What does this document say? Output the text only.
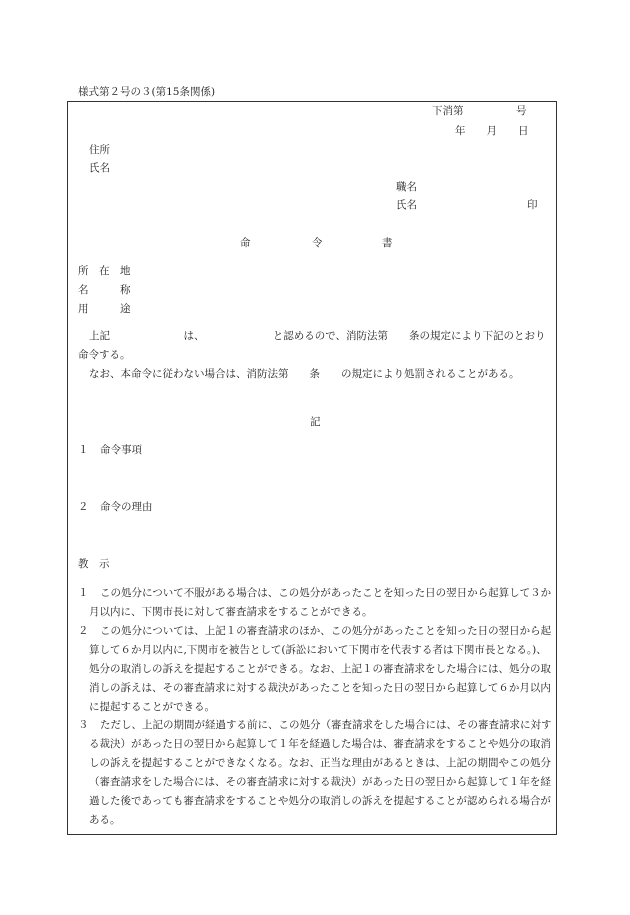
様式第２号の３(第15条関係)
下消第　　　　　号
年　　月　　日
住所
氏名
職名
氏名	印
命	令	書
所　在　地
名　　　称
用　　　途
上記　　　　　　　は、　　　　　　　と認めるので、消防法第　　条の規定により下記のとおり命令する。
なお、本命令に従わない場合は、消防法第　　条　　の規定により処罰されることがある。
記
１ 命令事項
２ 命令の理由
教　示
１	この処分について不服がある場合は、この処分があったことを知った日の翌日から起算して３か月以内に、下関市長に対して審査請求をすることができる。
２	この処分については、上記１の審査請求のほか、この処分があったことを知った日の翌日から起算して６か月以内に,下関市を被告として(訴訟において下関市を代表する者は下関市長となる。)、処分の取消しの訴えを提起することができる。なお、上記１の審査請求をした場合には、処分の取消しの訴えは、その審査請求に対する裁決があったことを知った日の翌日から起算して６か月以内に提起することができる。
３	ただし、上記の期間が経過する前に、この処分（審査請求をした場合には、その審査請求に対する裁決）があった日の翌日から起算して１年を経過した場合は、審査請求をすることや処分の取消しの訴えを提起することができなくなる。なお、正当な理由があるときは、上記の期間やこの処分（審査請求をした場合には、その審査請求に対する裁決）があった日の翌日から起算して１年を経過した後であっても審査請求をすることや処分の取消しの訴えを提起することが認められる場合がある。
